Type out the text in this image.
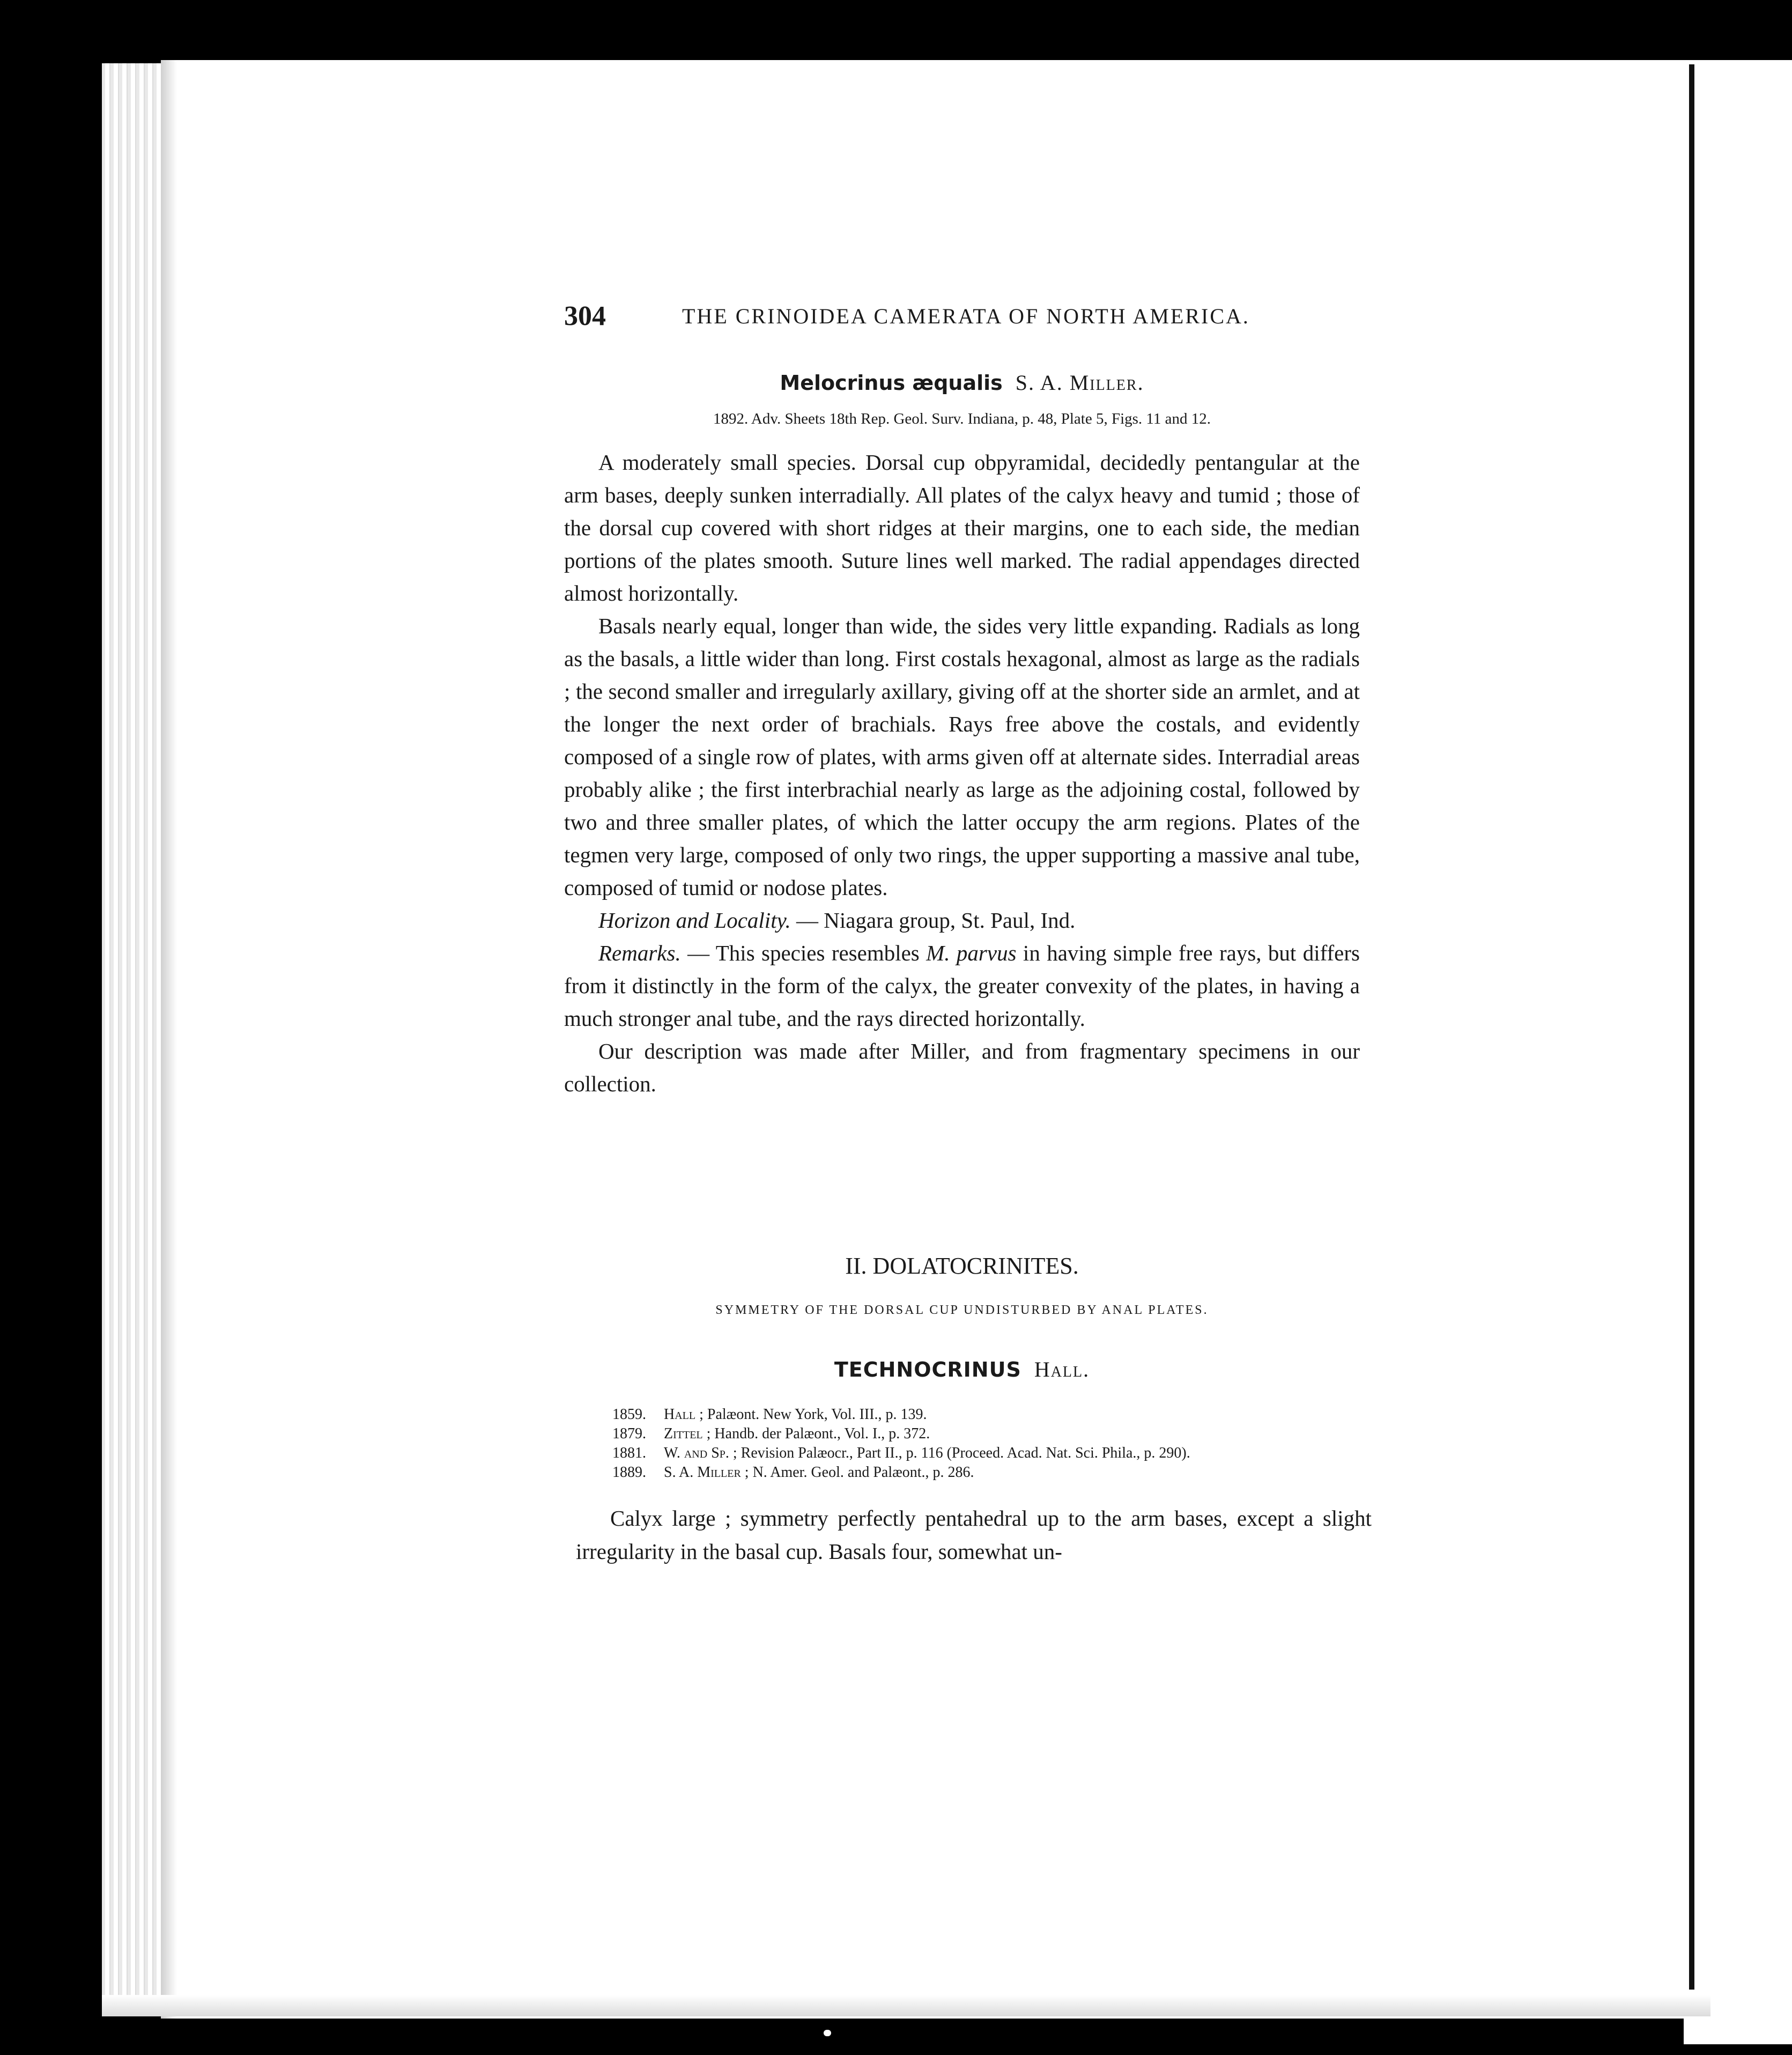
304	THE CRINOIDEA CAMERATA OF NORTH AMERICA.
Melocrinus æqualis S. A. Miller.
1892. Adv. Sheets 18th Rep. Geol. Surv. Indiana, p. 48, Plate 5, Figs. 11 and 12.

A moderately small species. Dorsal cup obpyramidal, decidedly pentangular at the arm bases, deeply sunken interradially. All plates of the calyx heavy and tumid ; those of the dorsal cup covered with short ridges at their margins, one to each side, the median portions of the plates smooth. Suture lines well marked. The radial appendages directed almost horizontally.

Basals nearly equal, longer than wide, the sides very little expanding. Radials as long as the basals, a little wider than long. First costals hexagonal, almost as large as the radials ; the second smaller and irregularly axillary, giving off at the shorter side an armlet, and at the longer the next order of brachials. Rays free above the costals, and evidently composed of a single row of plates, with arms given off at alternate sides. Interradial areas probably alike ; the first interbrachial nearly as large as the adjoining costal, followed by two and three smaller plates, of which the latter occupy the arm regions. Plates of the tegmen very large, composed of only two rings, the upper supporting a massive anal tube, composed of tumid or nodose plates.

Horizon and Locality. — Niagara group, St. Paul, Ind.

Remarks. — This species resembles M. parvus in having simple free rays, but differs from it distinctly in the form of the calyx, the greater convexity of the plates, in having a much stronger anal tube, and the rays directed horizontally.

Our description was made after Miller, and from fragmentary specimens in our collection.

II. DOLATOCRINITES.
SYMMETRY OF THE DORSAL CUP UNDISTURBED BY ANAL PLATES.
TECHNOCRINUS Hall.
1859. Hall ; Palæont. New York, Vol. III., p. 139.
1879. Zittel ; Handb. der Palæont., Vol. I., p. 372.
1881. W. and Sp. ; Revision Palæocr., Part II., p. 116 (Proceed. Acad. Nat. Sci. Phila., p. 290).
1889. S. A. Miller ; N. Amer. Geol. and Palæont., p. 286.

Calyx large ; symmetry perfectly pentahedral up to the arm bases, except a slight irregularity in the basal cup. Basals four, somewhat un-
